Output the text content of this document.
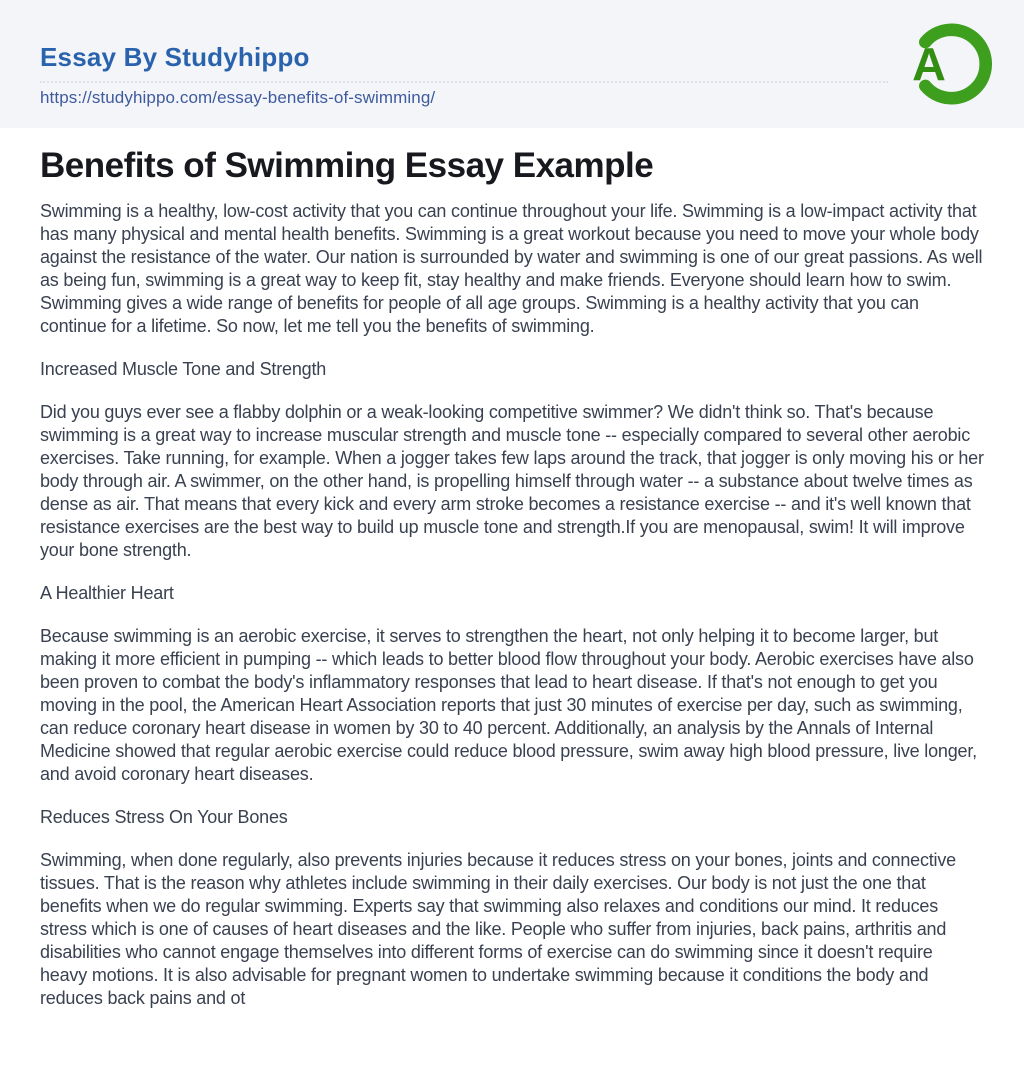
Essay By Studyhippo
https://studyhippo.com/essay-benefits-of-swimming/
A
Benefits of Swimming Essay Example

Swimming is a healthy, low-cost activity that you can continue throughout your life. Swimming is a low-impact activity that has many physical and mental health benefits. Swimming is a great workout because you need to move your whole body against the resistance of the water. Our nation is surrounded by water and swimming is one of our great passions. As well as being fun, swimming is a great way to keep fit, stay healthy and make friends. Everyone should learn how to swim. Swimming gives a wide range of benefits for people of all age groups. Swimming is a healthy activity that you can continue for a lifetime. So now, let me tell you the benefits of swimming.

Increased Muscle Tone and Strength

Did you guys ever see a flabby dolphin or a weak-looking competitive swimmer? We didn't think so. That's because swimming is a great way to increase muscular strength and muscle tone -- especially compared to several other aerobic exercises. Take running, for example. When a jogger takes few laps around the track, that jogger is only moving his or her body through air. A swimmer, on the other hand, is propelling himself through water -- a substance about twelve times as dense as air. That means that every kick and every arm stroke becomes a resistance exercise -- and it's well known that resistance exercises are the best way to build up muscle tone and strength.If you are menopausal, swim! It will improve your bone strength.

A Healthier Heart

Because swimming is an aerobic exercise, it serves to strengthen the heart, not only helping it to become larger, but making it more efficient in pumping -- which leads to better blood flow throughout your body. Aerobic exercises have also been proven to combat the body's inflammatory responses that lead to heart disease. If that's not enough to get you moving in the pool, the American Heart Association reports that just 30 minutes of exercise per day, such as swimming, can reduce coronary heart disease in women by 30 to 40 percent. Additionally, an analysis by the Annals of Internal Medicine showed that regular aerobic exercise could reduce blood pressure, swim away high blood pressure, live longer, and avoid coronary heart diseases.

Reduces Stress On Your Bones

Swimming, when done regularly, also prevents injuries because it reduces stress on your bones, joints and connective tissues. That is the reason why athletes include swimming in their daily exercises. Our body is not just the one that benefits when we do regular swimming. Experts say that swimming also relaxes and conditions our mind. It reduces stress which is one of causes of heart diseases and the like. People who suffer from injuries, back pains, arthritis and disabilities who cannot engage themselves into different forms of exercise can do swimming since it doesn't require heavy motions. It is also advisable for pregnant women to undertake swimming because it conditions the body and reduces back pains and ot
